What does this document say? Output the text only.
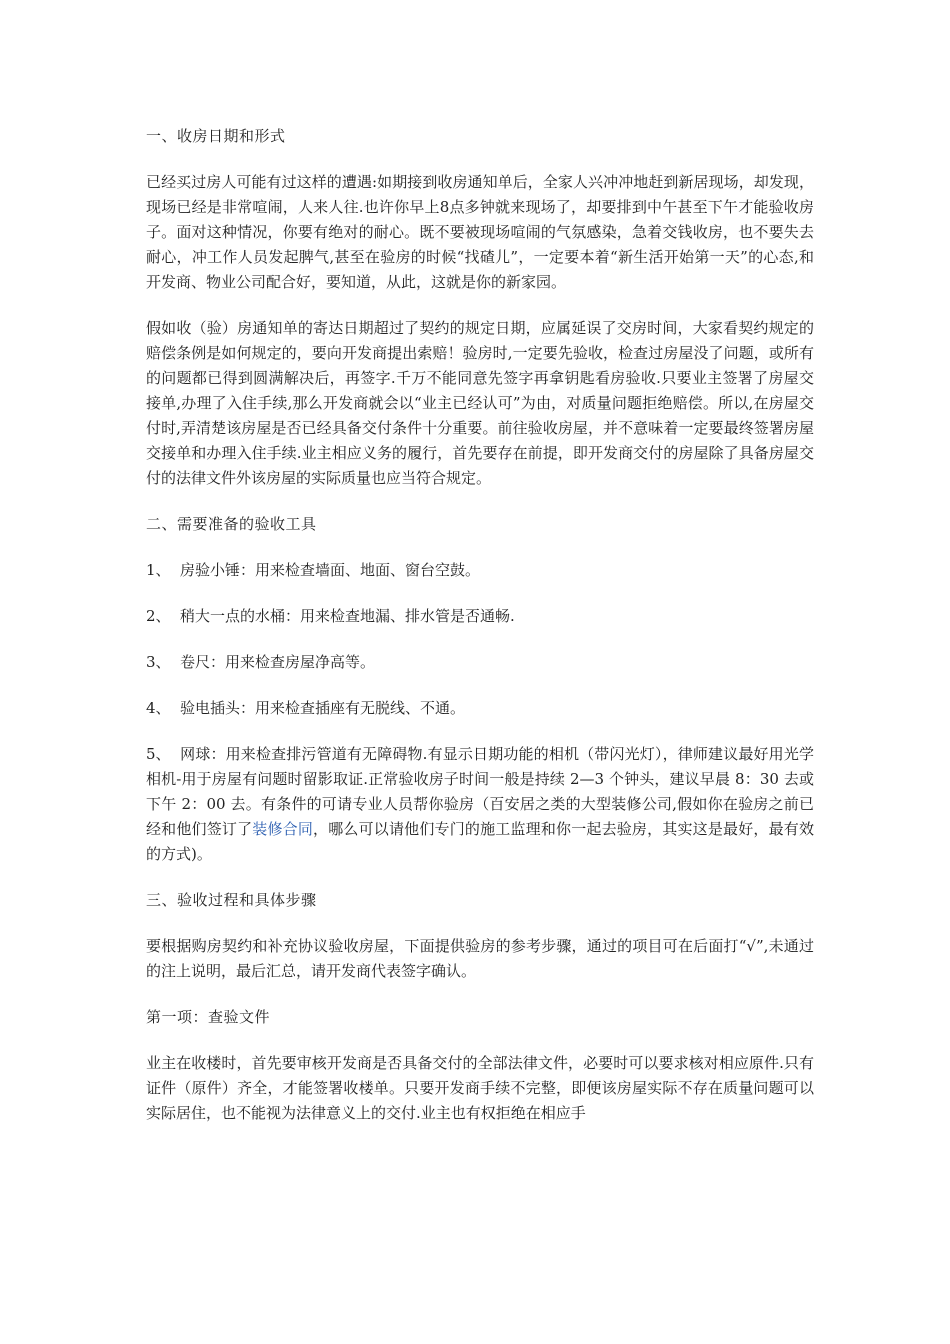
一、收房日期和形式

已经买过房人可能有过这样的遭遇:如期接到收房通知单后，全家人兴冲冲地赶到新居现场，却发现，现场已经是非常喧闹，人来人往.也许你早上8点多钟就来现场了，却要排到中午甚至下午才能验收房子。面对这种情况，你要有绝对的耐心。既不要被现场喧闹的气氛感染，急着交钱收房，也不要失去耐心，冲工作人员发起脾气,甚至在验房的时候“找碴儿”，一定要本着“新生活开始第一天”的心态,和开发商、物业公司配合好，要知道，从此，这就是你的新家园。

假如收（验）房通知单的寄达日期超过了契约的规定日期，应属延误了交房时间，大家看契约规定的赔偿条例是如何规定的，要向开发商提出索赔！验房时,一定要先验收，检查过房屋没了问题，或所有的问题都已得到圆满解决后，再签字.千万不能同意先签字再拿钥匙看房验收.只要业主签署了房屋交接单,办理了入住手续,那么开发商就会以“业主已经认可”为由，对质量问题拒绝赔偿。所以,在房屋交付时,弄清楚该房屋是否已经具备交付条件十分重要。前往验收房屋，并不意味着一定要最终签署房屋交接单和办理入住手续.业主相应义务的履行，首先要存在前提，即开发商交付的房屋除了具备房屋交付的法律文件外该房屋的实际质量也应当符合规定。

二、需要准备的验收工具

1、 房验小锤：用来检查墙面、地面、窗台空鼓。

2、 稍大一点的水桶：用来检查地漏、排水管是否通畅.

3、 卷尺：用来检查房屋净高等。

4、 验电插头：用来检查插座有无脱线、不通。

5、 网球：用来检查排污管道有无障碍物.有显示日期功能的相机（带闪光灯），律师建议最好用光学相机-用于房屋有问题时留影取证.正常验收房子时间一般是持续 2—3 个钟头，建议早晨 8：30 去或下午 2：00 去。有条件的可请专业人员帮你验房（百安居之类的大型装修公司,假如你在验房之前已经和他们签订了装修合同，哪么可以请他们专门的施工监理和你一起去验房，其实这是最好，最有效的方式)。

三、验收过程和具体步骤

要根据购房契约和补充协议验收房屋，下面提供验房的参考步骤，通过的项目可在后面打“√”,未通过的注上说明，最后汇总，请开发商代表签字确认。

第一项：查验文件

业主在收楼时，首先要审核开发商是否具备交付的全部法律文件，必要时可以要求核对相应原件.只有证件（原件）齐全，才能签署收楼单。只要开发商手续不完整，即便该房屋实际不存在质量问题可以实际居住，也不能视为法律意义上的交付.业主也有权拒绝在相应手
